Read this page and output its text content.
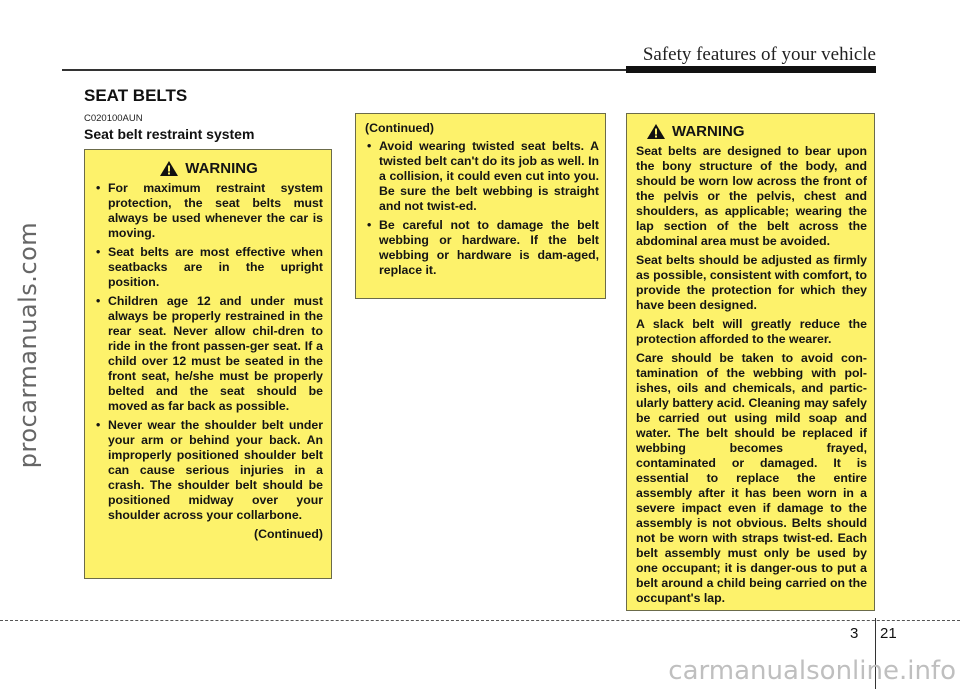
procarmanuals.com
Safety features of your vehicle
SEAT BELTS
C020100AUN
Seat belt restraint system
WARNING
• For maximum restraint system protection, the seat belts must always be used whenever the car is moving.
• Seat belts are most effective when seatbacks are in the upright position.
• Children age 12 and under must always be properly restrained in the rear seat. Never allow chil-dren to ride in the front passen-ger seat. If a child over 12 must be seated in the front seat, he/she must be properly belted and the seat should be moved as far back as possible.
• Never wear the shoulder belt under your arm or behind your back. An improperly positioned shoulder belt can cause serious injuries in a crash. The shoulder belt should be positioned midway over your shoulder across your collarbone.
(Continued)
(Continued)
• Avoid wearing twisted seat belts. A twisted belt can't do its job as well. In a collision, it could even cut into you. Be sure the belt webbing is straight and not twist-ed.
• Be careful not to damage the belt webbing or hardware. If the belt webbing or hardware is dam-aged, replace it.
WARNING

Seat belts are designed to bear upon the bony structure of the body, and should be worn low across the front of the pelvis or the pelvis, chest and shoulders, as applicable; wearing the lap section of the belt across the abdominal area must be avoided.

Seat belts should be adjusted as firmly as possible, consistent with comfort, to provide the protection for which they have been designed.

A slack belt will greatly reduce the protection afforded to the wearer.

Care should be taken to avoid con-tamination of the webbing with pol-ishes, oils and chemicals, and partic-ularly battery acid. Cleaning may safely be carried out using mild soap and water. The belt should be replaced if webbing becomes frayed, contaminated or damaged. It is essential to replace the entire assembly after it has been worn in a severe impact even if damage to the assembly is not obvious. Belts should not be worn with straps twist-ed. Each belt assembly must only be used by one occupant; it is danger-ous to put a belt around a child being carried on the occupant's lap.

3 21
carmanualsonline.info
